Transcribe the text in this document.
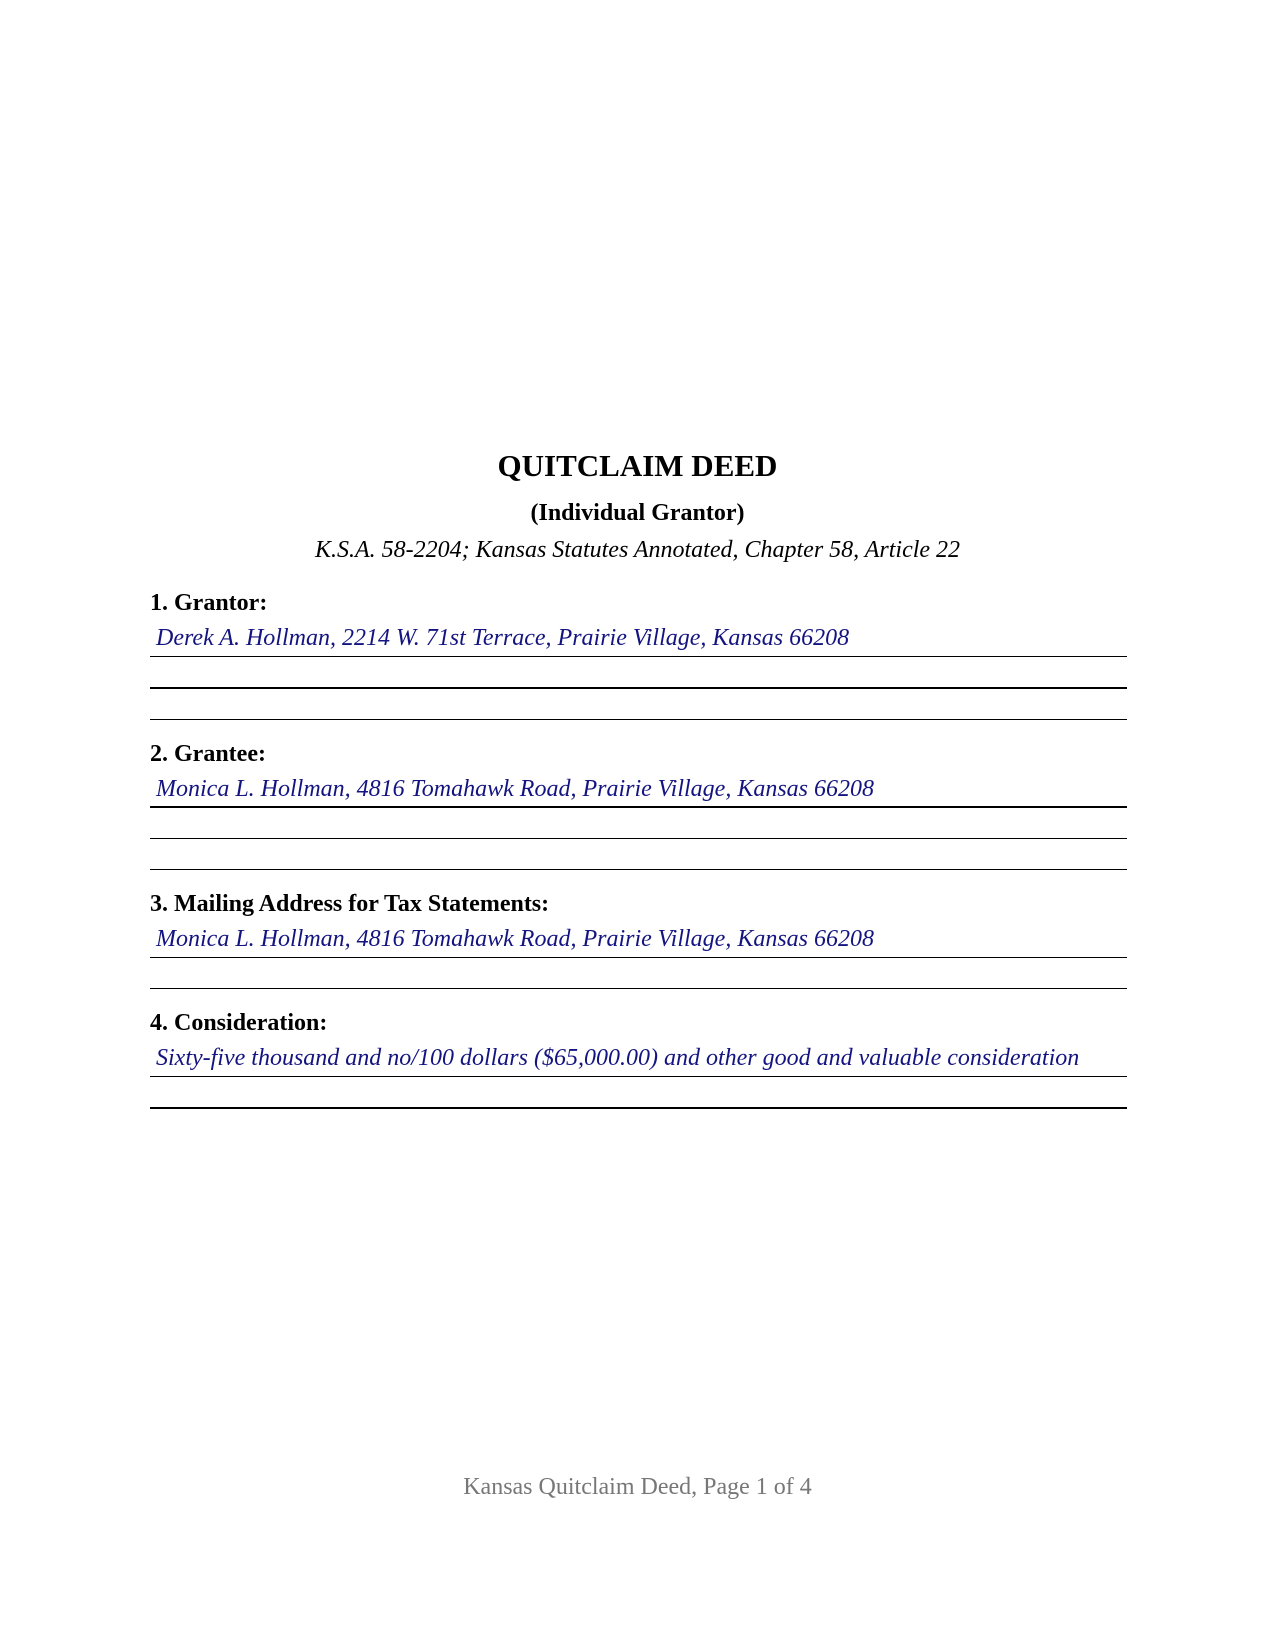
QUITCLAIM DEED
(Individual Grantor)
K.S.A. 58-2204; Kansas Statutes Annotated, Chapter 58, Article 22
1. Grantor:
Derek A. Hollman, 2214 W. 71st Terrace, Prairie Village, Kansas 66208
2. Grantee:
Monica L. Hollman, 4816 Tomahawk Road, Prairie Village, Kansas 66208
3. Mailing Address for Tax Statements:
Monica L. Hollman, 4816 Tomahawk Road, Prairie Village, Kansas 66208
4. Consideration:
Sixty-five thousand and no/100 dollars ($65,000.00) and other good and valuable consideration
Kansas Quitclaim Deed, Page 1 of 4
